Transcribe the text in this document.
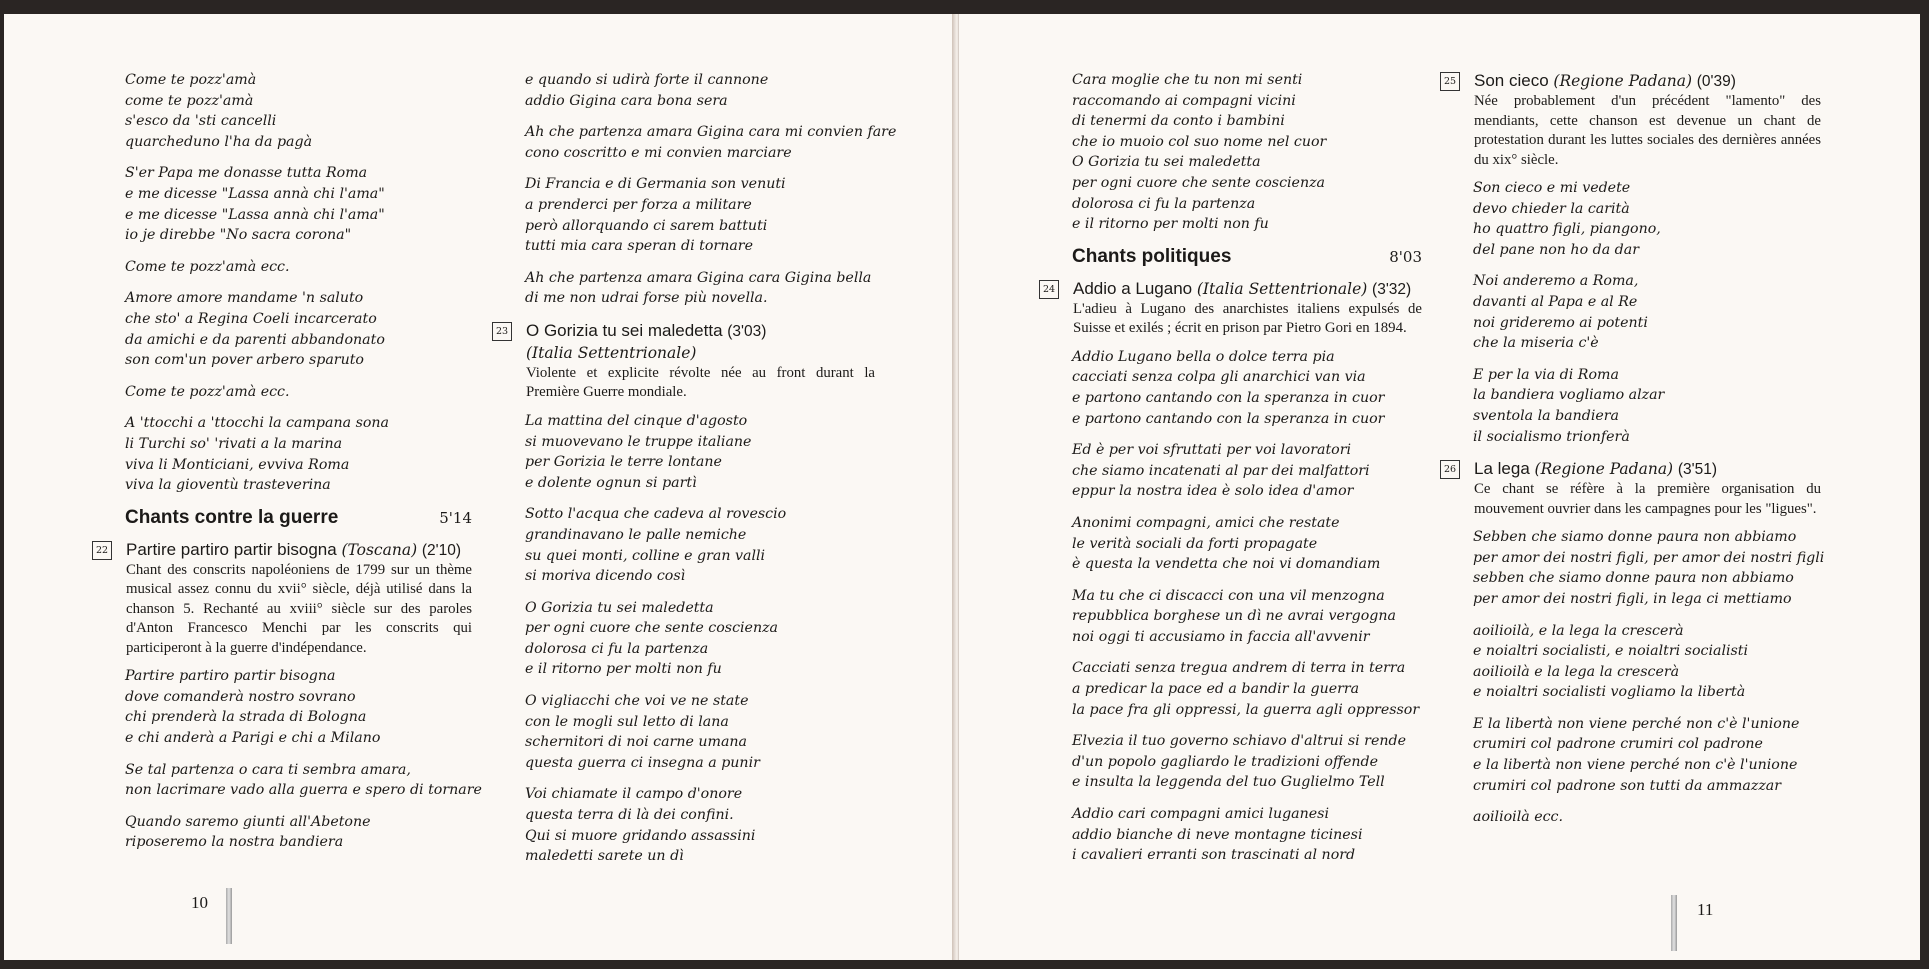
Come te pozz'amà
come te pozz'amà
s'esco da 'sti cancelli
quarcheduno l'ha da pagà
S'er Papa me donasse tutta Roma
e me dicesse "Lassa annà chi l'ama"
e me dicesse "Lassa annà chi l'ama"
io je direbbe "No sacra corona"
Come te pozz'amà ecc.
Amore amore mandame 'n saluto
che sto' a Regina Coeli incarcerato
da amichi e da parenti abbandonato
son com'un pover arbero sparuto
Come te pozz'amà ecc.
A 'ttocchi a 'ttocchi la campana sona
li Turchi so' 'rivati a la marina
viva li Monticiani, evviva Roma
viva la gioventù trasteverina
Chants contre la guerre	5'14
22 Partire partiro partir bisogna (Toscana) (2'10)
Chant des conscrits napoléoniens de 1799 sur un thème musical assez connu du xvii° siècle, déjà utilisé dans la chanson 5. Rechanté au xviii° siècle sur des paroles d'Anton Francesco Menchi par les conscrits qui participeront à la guerre d'indépendance.
Partire partiro partir bisogna
dove comanderà nostro sovrano
chi prenderà la strada di Bologna
e chi anderà a Parigi e chi a Milano
Se tal partenza o cara ti sembra amara,
non lacrimare vado alla guerra e spero di tornare
Quando saremo giunti all'Abetone
riposeremo la nostra bandiera
e quando si udirà forte il cannone
addio Gigina cara bona sera
Ah che partenza amara Gigina cara mi convien fare
cono coscritto e mi convien marciare
Di Francia e di Germania son venuti
a prenderci per forza a militare
però allorquando ci sarem battuti
tutti mia cara speran di tornare
Ah che partenza amara Gigina cara Gigina bella
di me non udrai forse più novella.
23 O Gorizia tu sei maledetta (3'03)
(Italia Settentrionale)
Violente et explicite révolte née au front durant la Première Guerre mondiale.
La mattina del cinque d'agosto
si muovevano le truppe italiane
per Gorizia le terre lontane
e dolente ognun si partì
Sotto l'acqua che cadeva al rovescio
grandinavano le palle nemiche
su quei monti, colline e gran valli
si moriva dicendo così
O Gorizia tu sei maledetta
per ogni cuore che sente coscienza
dolorosa ci fu la partenza
e il ritorno per molti non fu
O vigliacchi che voi ve ne state
con le mogli sul letto di lana
schernitori di noi carne umana
questa guerra ci insegna a punir
Voi chiamate il campo d'onore
questa terra di là dei confini.
Qui si muore gridando assassini
maledetti sarete un dì
10
Cara moglie che tu non mi senti
raccomando ai compagni vicini
di tenermi da conto i bambini
che io muoio col suo nome nel cuor
O Gorizia tu sei maledetta
per ogni cuore che sente coscienza
dolorosa ci fu la partenza
e il ritorno per molti non fu
Chants politiques	8'03
24 Addio a Lugano (Italia Settentrionale) (3'32)
L'adieu à Lugano des anarchistes italiens expulsés de Suisse et exilés ; écrit en prison par Pietro Gori en 1894.
Addio Lugano bella o dolce terra pia
cacciati senza colpa gli anarchici van via
e partono cantando con la speranza in cuor
e partono cantando con la speranza in cuor
Ed è per voi sfruttati per voi lavoratori
che siamo incatenati al par dei malfattori
eppur la nostra idea è solo idea d'amor
Anonimi compagni, amici che restate
le verità sociali da forti propagate
è questa la vendetta che noi vi domandiam
Ma tu che ci discacci con una vil menzogna
repubblica borghese un dì ne avrai vergogna
noi oggi ti accusiamo in faccia all'avvenir
Cacciati senza tregua andrem di terra in terra
a predicar la pace ed a bandir la guerra
la pace fra gli oppressi, la guerra agli oppressor
Elvezia il tuo governo schiavo d'altrui si rende
d'un popolo gagliardo le tradizioni offende
e insulta la leggenda del tuo Guglielmo Tell
Addio cari compagni amici luganesi
addio bianche di neve montagne ticinesi
i cavalieri erranti son trascinati al nord
25 Son cieco (Regione Padana) (0'39)
Née probablement d'un précédent "lamento" des mendiants, cette chanson est devenue un chant de protestation durant les luttes sociales des dernières années du xix° siècle.
Son cieco e mi vedete
devo chieder la carità
ho quattro figli, piangono,
del pane non ho da dar
Noi anderemo a Roma,
davanti al Papa e al Re
noi grideremo ai potenti
che la miseria c'è
E per la via di Roma
la bandiera vogliamo alzar
sventola la bandiera
il socialismo trionferà
26 La lega (Regione Padana) (3'51)
Ce chant se réfère à la première organisation du mouvement ouvrier dans les campagnes pour les "ligues".
Sebben che siamo donne paura non abbiamo
per amor dei nostri figli, per amor dei nostri figli
sebben che siamo donne paura non abbiamo
per amor dei nostri figli, in lega ci mettiamo
aoilioilà, e la lega la crescerà
e noialtri socialisti, e noialtri socialisti
aoilioilà e la lega la crescerà
e noialtri socialisti vogliamo la libertà
E la libertà non viene perché non c'è l'unione
crumiri col padrone crumiri col padrone
e la libertà non viene perché non c'è l'unione
crumiri col padrone son tutti da ammazzar
aoilioilà ecc.
11
